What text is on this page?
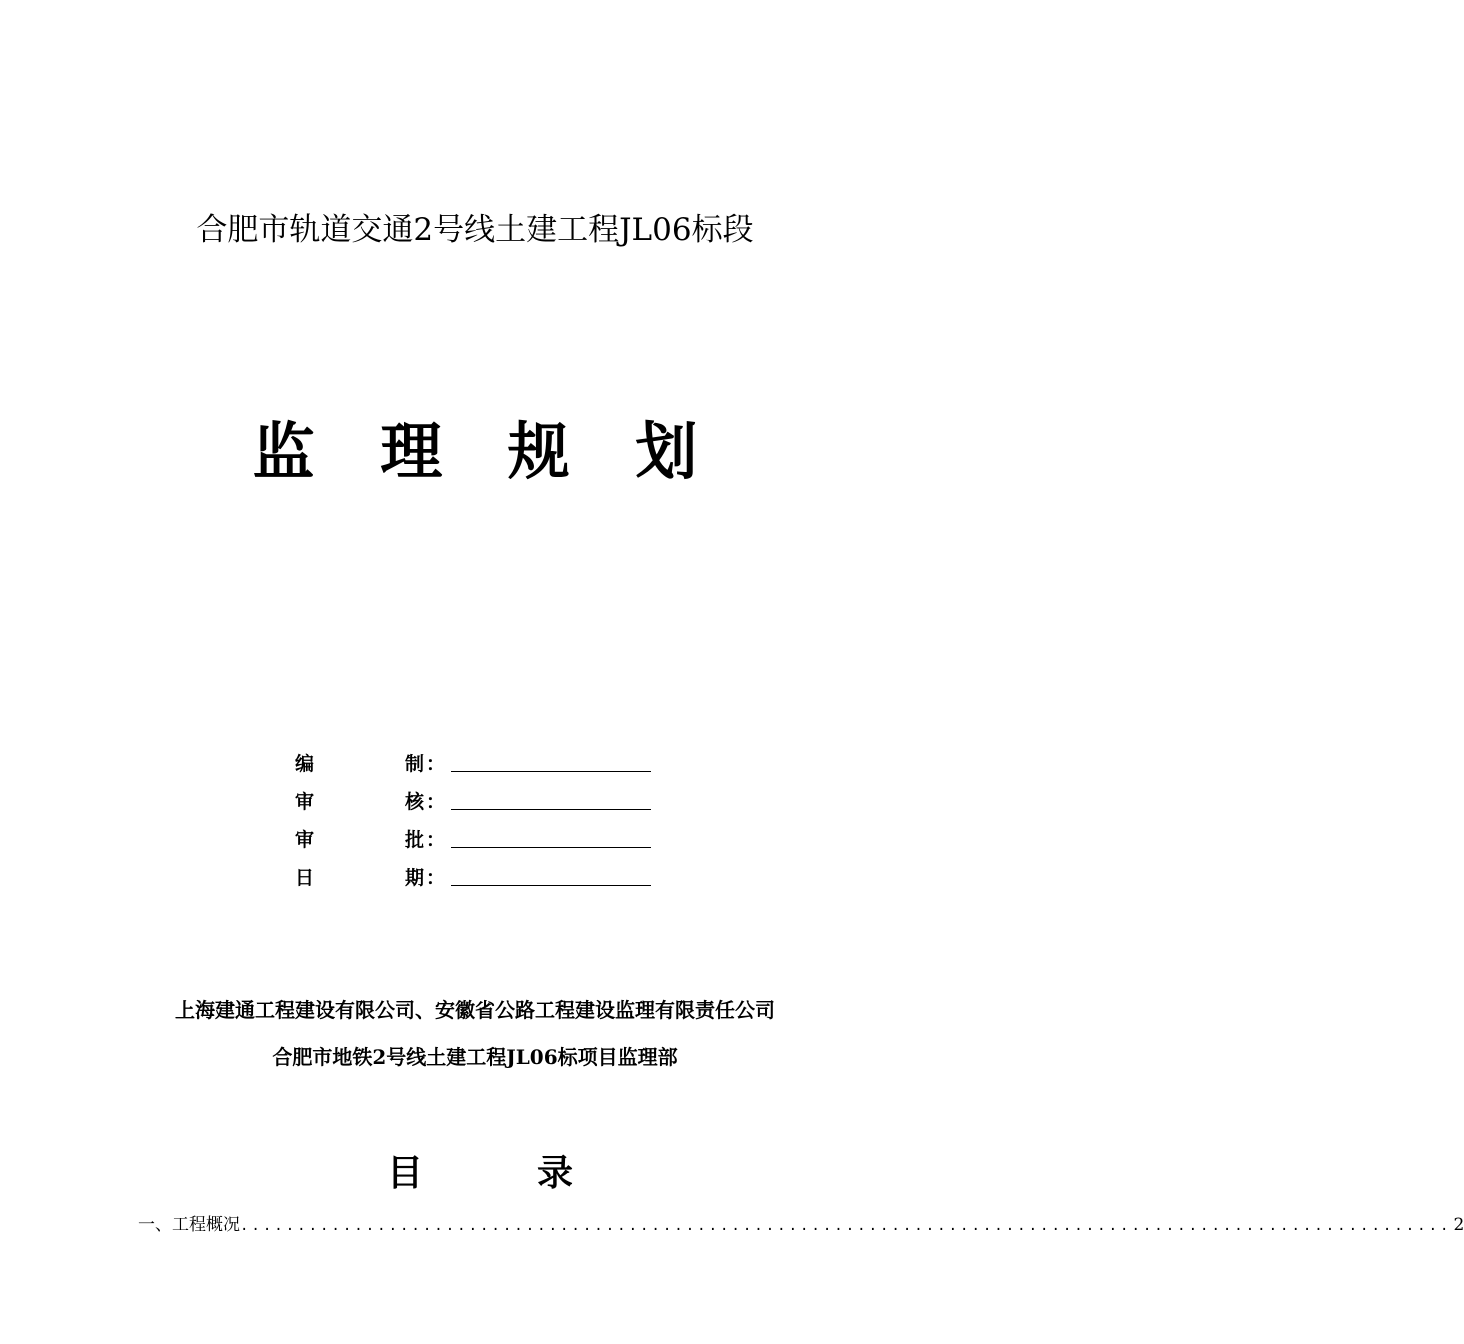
合肥市轨道交通2号线土建工程JL06标段
监 理 规 划
编	制 ：
审	核 ：
审	批 ：
日	期 ：
上海建通工程建设有限公司、安徽省公路工程建设监理有限责任公司
合肥市地铁2号线土建工程JL06标项目监理部
目	录
一、工程概况 .......................................................................................................... 2
